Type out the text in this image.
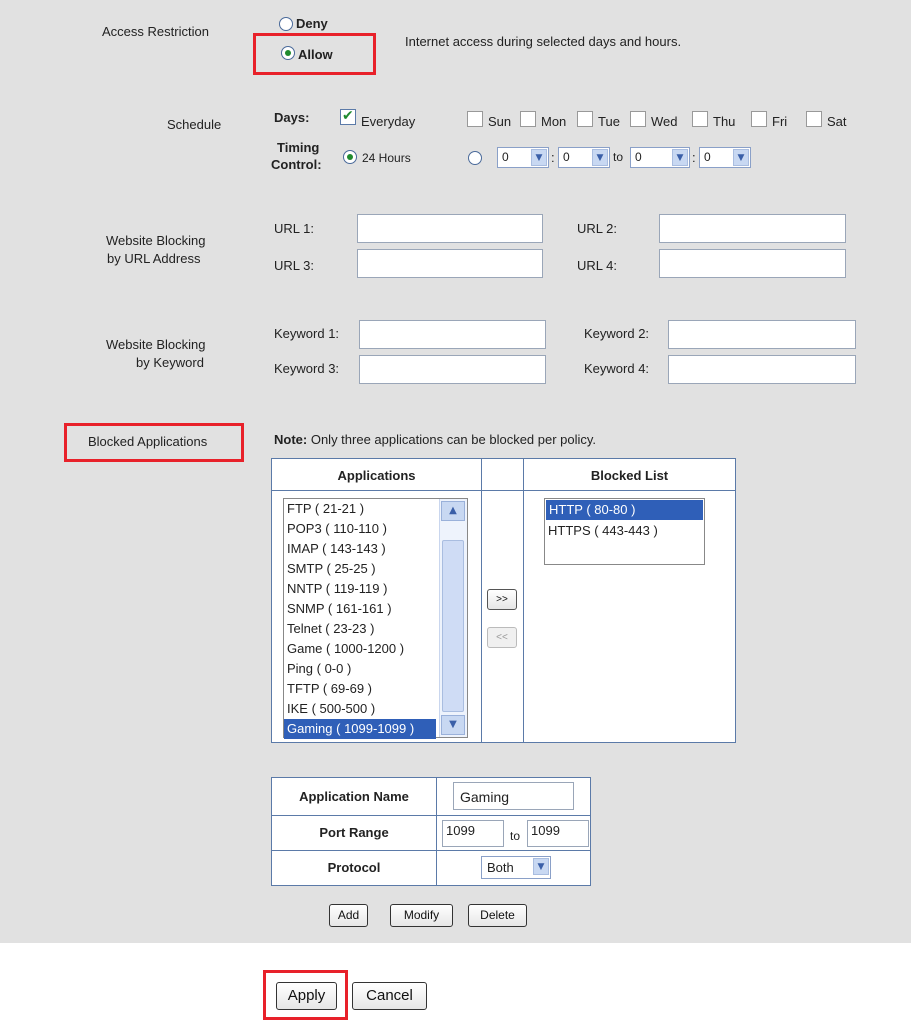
Access Restriction
Deny
Allow
Internet access during selected days and hours.
Schedule	Days:
✔	Everyday	Sun Mon Tue Wed	Thu	Fri	Sat
Timing
Control:	24 Hours	0	▼ : 0	▼ to 0	▼ : 0	▼
Website Blocking
by URL Address
URL 1:	URL 2:
URL 3:	URL 4:
Website Blocking
by Keyword
Keyword 1:	Keyword 2:
Keyword 3:	Keyword 4:
Blocked Applications	Note: Only three applications can be blocked per policy.
Applications	Blocked List
FTP ( 21-21 )
POP3 ( 110-110 )
IMAP ( 143-143 )
SMTP ( 25-25 )
NNTP ( 119-119 )
SNMP ( 161-161 )
Telnet ( 23-23 )
Game ( 1000-1200 )
Ping ( 0-0 )
TFTP ( 69-69 )
IKE ( 500-500 )
Gaming ( 1099-1099 )
▲
▼
>>
<<
HTTP ( 80-80 )
HTTPS ( 443-443 )
Application Name	Gaming
Port Range	1099	to 1099
Protocol	Both	▼
Add	Modify	Delete
Apply	Cancel
